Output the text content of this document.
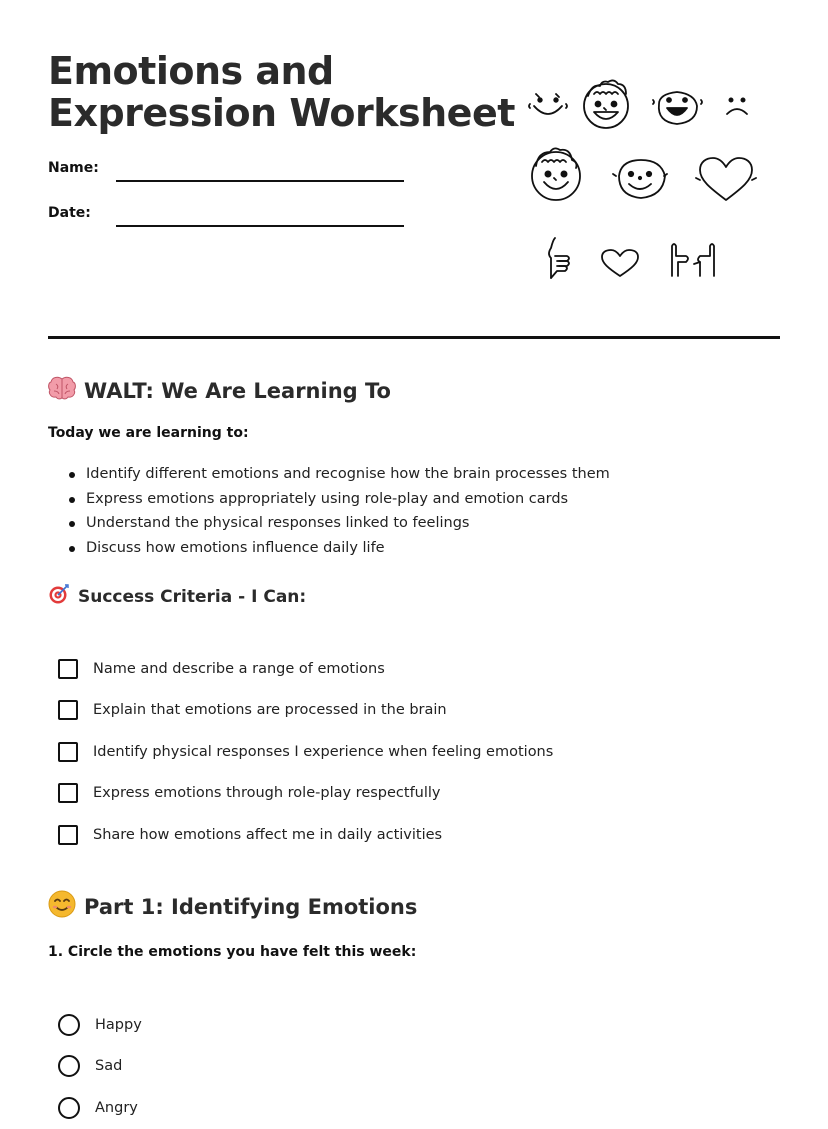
Emotions and
Expression Worksheet
Name:
Date:
WALT: We Are Learning To
Today we are learning to:
Identify different emotions and recognise how the brain processes them
Express emotions appropriately using role-play and emotion cards
Understand the physical responses linked to feelings
Discuss how emotions influence daily life
Success Criteria - I Can:
Name and describe a range of emotions
Explain that emotions are processed in the brain
Identify physical responses I experience when feeling emotions
Express emotions through role-play respectfully
Share how emotions affect me in daily activities
Part 1: Identifying Emotions
1. Circle the emotions you have felt this week:
Happy
Sad
Angry
